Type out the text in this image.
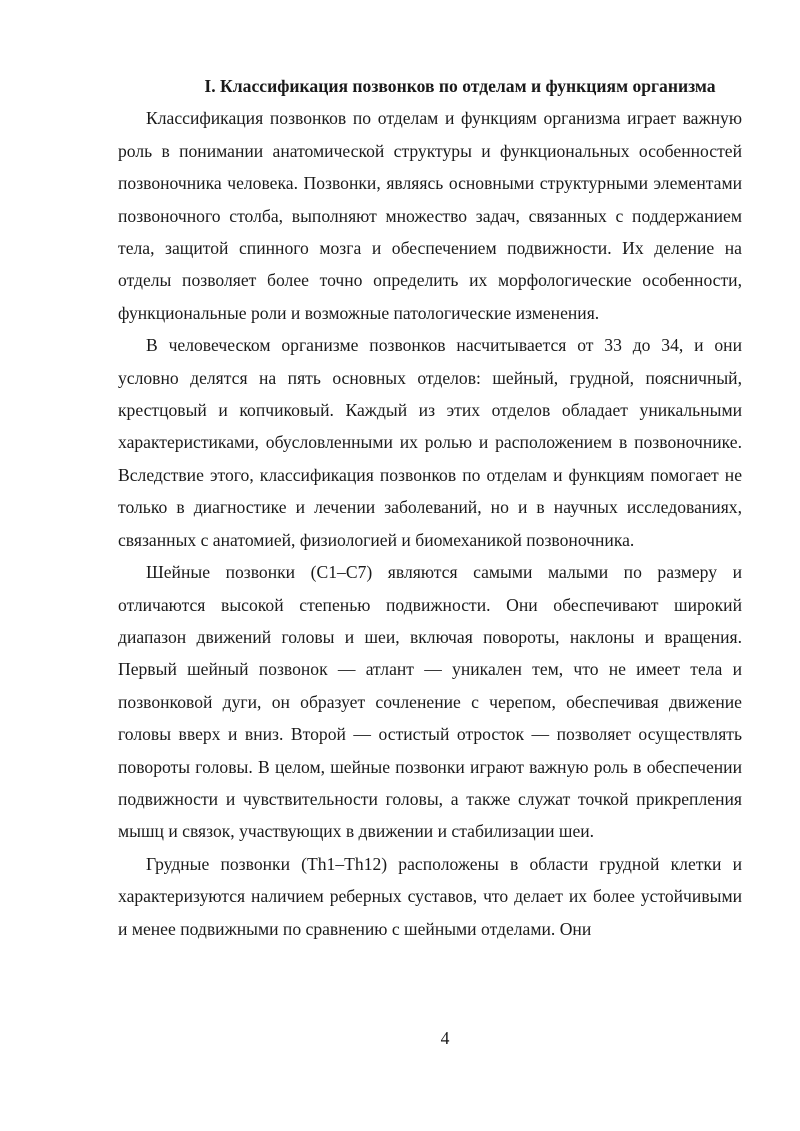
I. Классификация позвонков по отделам и функциям организма

Классификация позвонков по отделам и функциям организма играет важную роль в понимании анатомической структуры и функциональных особенностей позвоночника человека. Позвонки, являясь основными структурными элементами позвоночного столба, выполняют множество задач, связанных с поддержанием тела, защитой спинного мозга и обеспечением подвижности. Их деление на отделы позволяет более точно определить их морфологические особенности, функциональные роли и возможные патологические изменения.

В человеческом организме позвонков насчитывается от 33 до 34, и они условно делятся на пять основных отделов: шейный, грудной, поясничный, крестцовый и копчиковый. Каждый из этих отделов обладает уникальными характеристиками, обусловленными их ролью и расположением в позвоночнике. Вследствие этого, классификация позвонков по отделам и функциям помогает не только в диагностике и лечении заболеваний, но и в научных исследованиях, связанных с анатомией, физиологией и биомеханикой позвоночника.

Шейные позвонки (C1–C7) являются самыми малыми по размеру и отличаются высокой степенью подвижности. Они обеспечивают широкий диапазон движений головы и шеи, включая повороты, наклоны и вращения. Первый шейный позвонок — атлант — уникален тем, что не имеет тела и позвонковой дуги, он образует сочленение с черепом, обеспечивая движение головы вверх и вниз. Второй — остистый отросток — позволяет осуществлять повороты головы. В целом, шейные позвонки играют важную роль в обеспечении подвижности и чувствительности головы, а также служат точкой прикрепления мышц и связок, участвующих в движении и стабилизации шеи.

Грудные позвонки (Th1–Th12) расположены в области грудной клетки и характеризуются наличием реберных суставов, что делает их более устойчивыми и менее подвижными по сравнению с шейными отделами. Они

4
